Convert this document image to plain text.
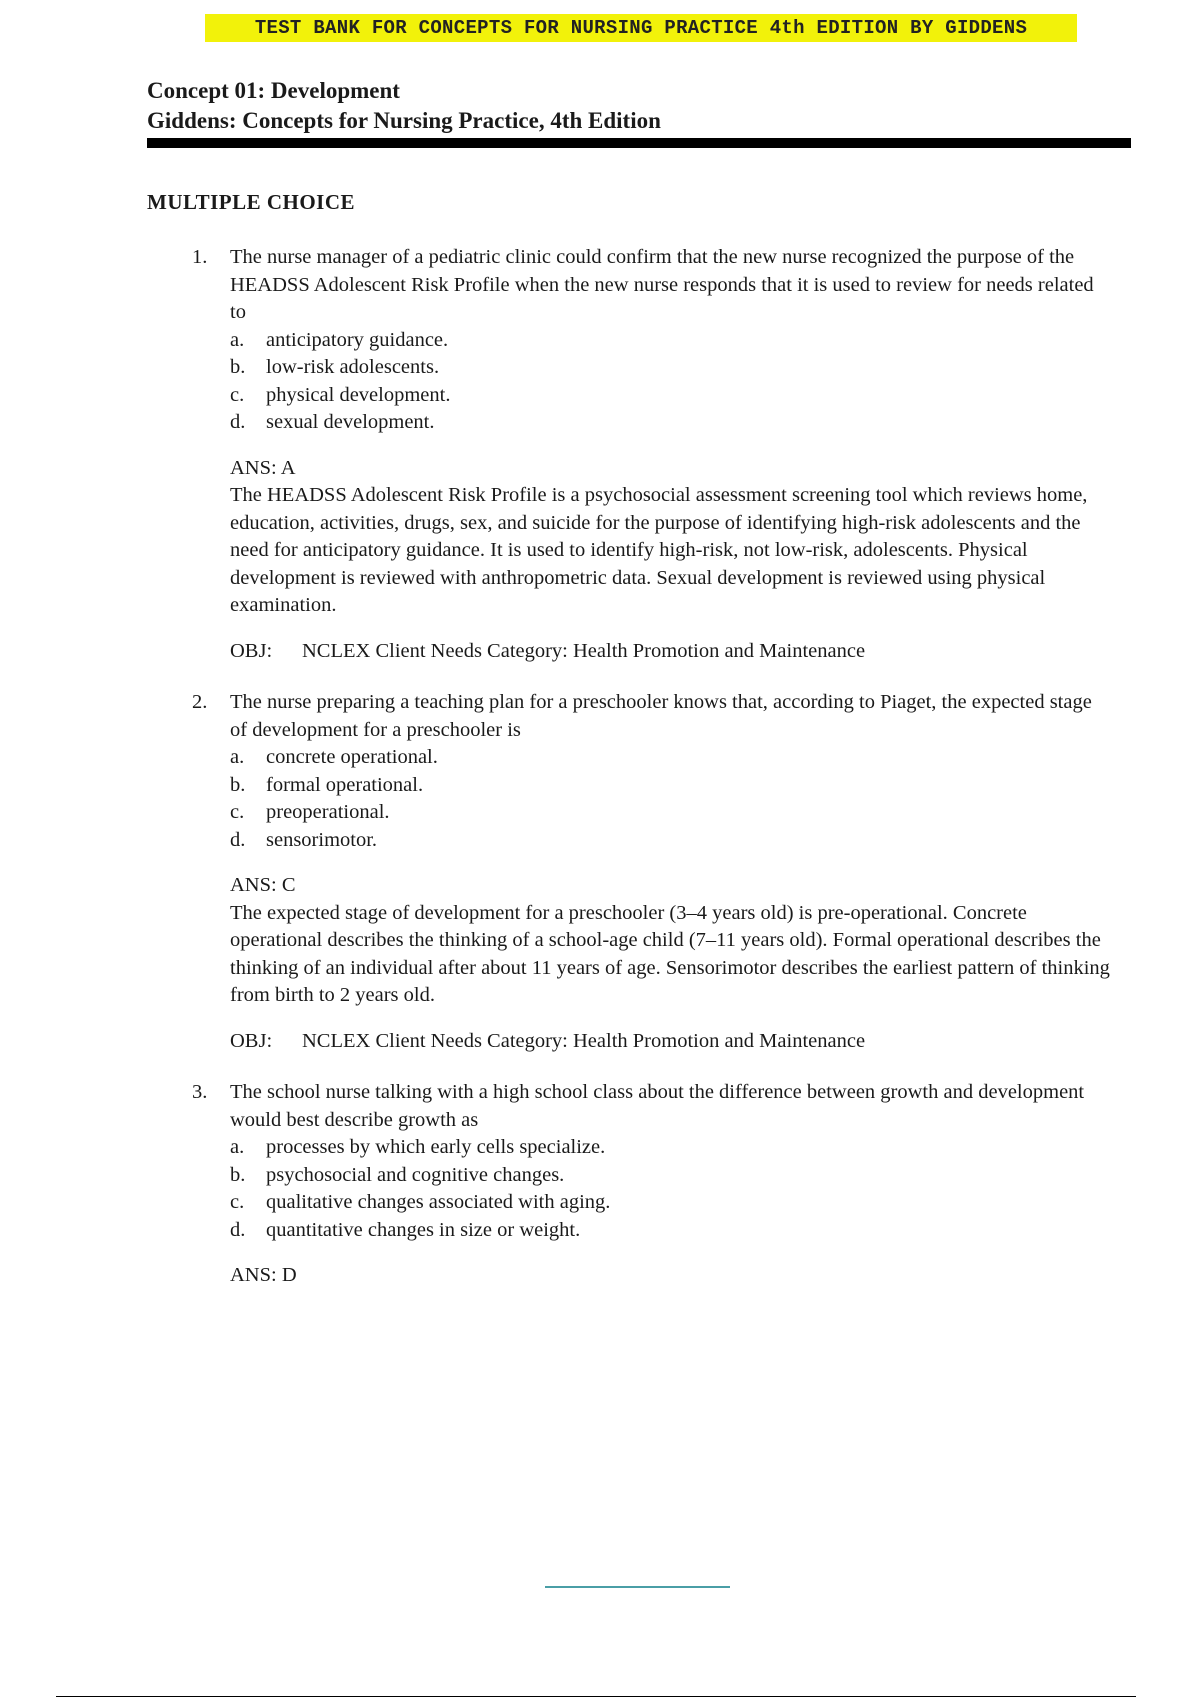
TEST BANK FOR CONCEPTS FOR NURSING PRACTICE 4th EDITION BY GIDDENS
Concept 01: Development
Giddens: Concepts for Nursing Practice, 4th Edition
MULTIPLE CHOICE
1. The nurse manager of a pediatric clinic could confirm that the new nurse recognized the purpose of the HEADSS Adolescent Risk Profile when the new nurse responds that it is used to review for needs related to

a. anticipatory guidance.
b. low-risk adolescents.
c. physical development.
d. sexual development.
ANS: A

The HEADSS Adolescent Risk Profile is a psychosocial assessment screening tool which reviews home, education, activities, drugs, sex, and suicide for the purpose of identifying high-risk adolescents and the need for anticipatory guidance. It is used to identify high-risk, not low-risk, adolescents. Physical development is reviewed with anthropometric data. Sexual development is reviewed using physical examination.

OBJ: NCLEX Client Needs Category: Health Promotion and Maintenance
2. The nurse preparing a teaching plan for a preschooler knows that, according to Piaget, the expected stage of development for a preschooler is

a. concrete operational.
b. formal operational.
c. preoperational.
d. sensorimotor.
ANS: C

The expected stage of development for a preschooler (3–4 years old) is pre-operational. Concrete operational describes the thinking of a school-age child (7–11 years old). Formal operational describes the thinking of an individual after about 11 years of age. Sensorimotor describes the earliest pattern of thinking from birth to 2 years old.

OBJ: NCLEX Client Needs Category: Health Promotion and Maintenance
3. The school nurse talking with a high school class about the difference between growth and development would best describe growth as

a. processes by which early cells specialize.
b. psychosocial and cognitive changes.
c. qualitative changes associated with aging.
d. quantitative changes in size or weight.
ANS: D
